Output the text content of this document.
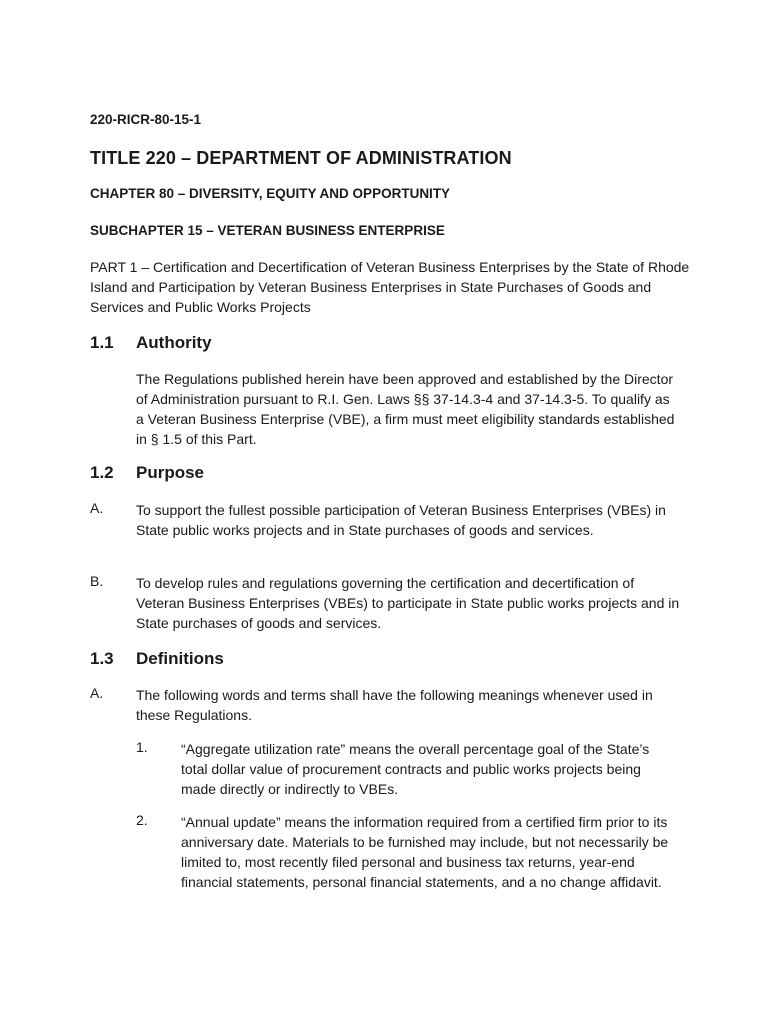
220-RICR-80-15-1
TITLE 220 – DEPARTMENT OF ADMINISTRATION
CHAPTER 80 – DIVERSITY, EQUITY AND OPPORTUNITY
SUBCHAPTER 15 – VETERAN BUSINESS ENTERPRISE
PART 1 – Certification and Decertification of Veteran Business Enterprises by the State of Rhode Island and Participation by Veteran Business Enterprises in State Purchases of Goods and Services and Public Works Projects
1.1 Authority
The Regulations published herein have been approved and established by the Director of Administration pursuant to R.I. Gen. Laws §§ 37-14.3-4 and 37-14.3-5. To qualify as a Veteran Business Enterprise (VBE), a firm must meet eligibility standards established in § 1.5 of this Part.
1.2 Purpose
A. To support the fullest possible participation of Veteran Business Enterprises (VBEs) in State public works projects and in State purchases of goods and services.
B. To develop rules and regulations governing the certification and decertification of Veteran Business Enterprises (VBEs) to participate in State public works projects and in State purchases of goods and services.
1.3 Definitions
A. The following words and terms shall have the following meanings whenever used in these Regulations.
1. “Aggregate utilization rate” means the overall percentage goal of the State’s total dollar value of procurement contracts and public works projects being made directly or indirectly to VBEs.
2. “Annual update” means the information required from a certified firm prior to its anniversary date. Materials to be furnished may include, but not necessarily be limited to, most recently filed personal and business tax returns, year-end financial statements, personal financial statements, and a no change affidavit.
